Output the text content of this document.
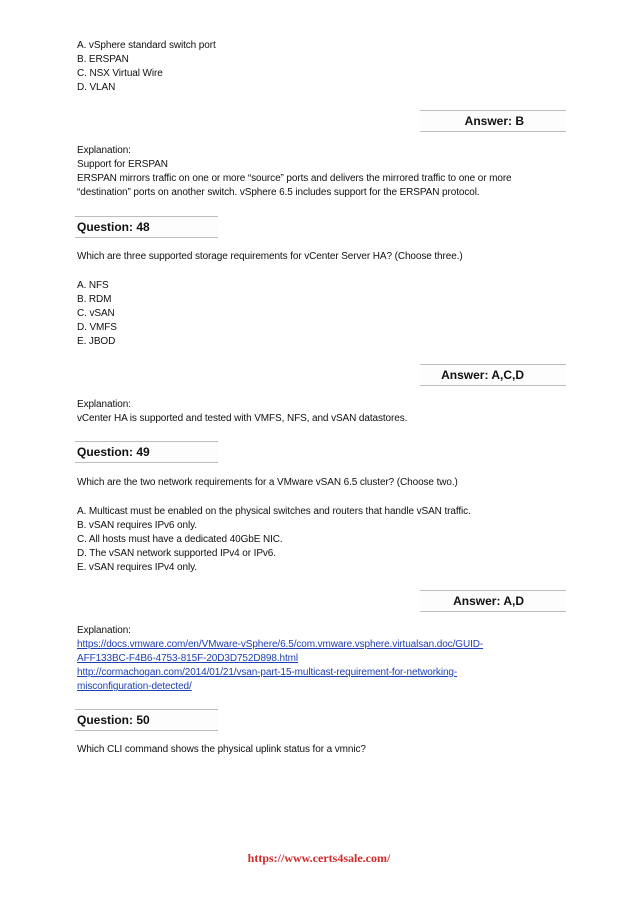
A. vSphere standard switch port
B. ERSPAN
C. NSX Virtual Wire
D. VLAN
Answer: B
Explanation:
Support for ERSPAN
ERSPAN mirrors traffic on one or more “source” ports and delivers the mirrored traffic to one or more
“destination” ports on another switch. vSphere 6.5 includes support for the ERSPAN protocol.
Question: 48
Which are three supported storage requirements for vCenter Server HA? (Choose three.)
A. NFS
B. RDM
C. vSAN
D. VMFS
E. JBOD
Answer: A,C,D
Explanation:
vCenter HA is supported and tested with VMFS, NFS, and vSAN datastores.
Question: 49
Which are the two network requirements for a VMware vSAN 6.5 cluster? (Choose two.)
A. Multicast must be enabled on the physical switches and routers that handle vSAN traffic.
B. vSAN requires IPv6 only.
C. All hosts must have a dedicated 40GbE NIC.
D. The vSAN network supported IPv4 or IPv6.
E. vSAN requires IPv4 only.
Answer: A,D
Explanation:
https://docs.vmware.com/en/VMware-vSphere/6.5/com.vmware.vsphere.virtualsan.doc/GUID-
AFF133BC-F4B6-4753-815F-20D3D752D898.html
http://cormachogan.com/2014/01/21/vsan-part-15-multicast-requirement-for-networking-
misconfiguration-detected/
Question: 50
Which CLI command shows the physical uplink status for a vmnic?
https://www.certs4sale.com/
